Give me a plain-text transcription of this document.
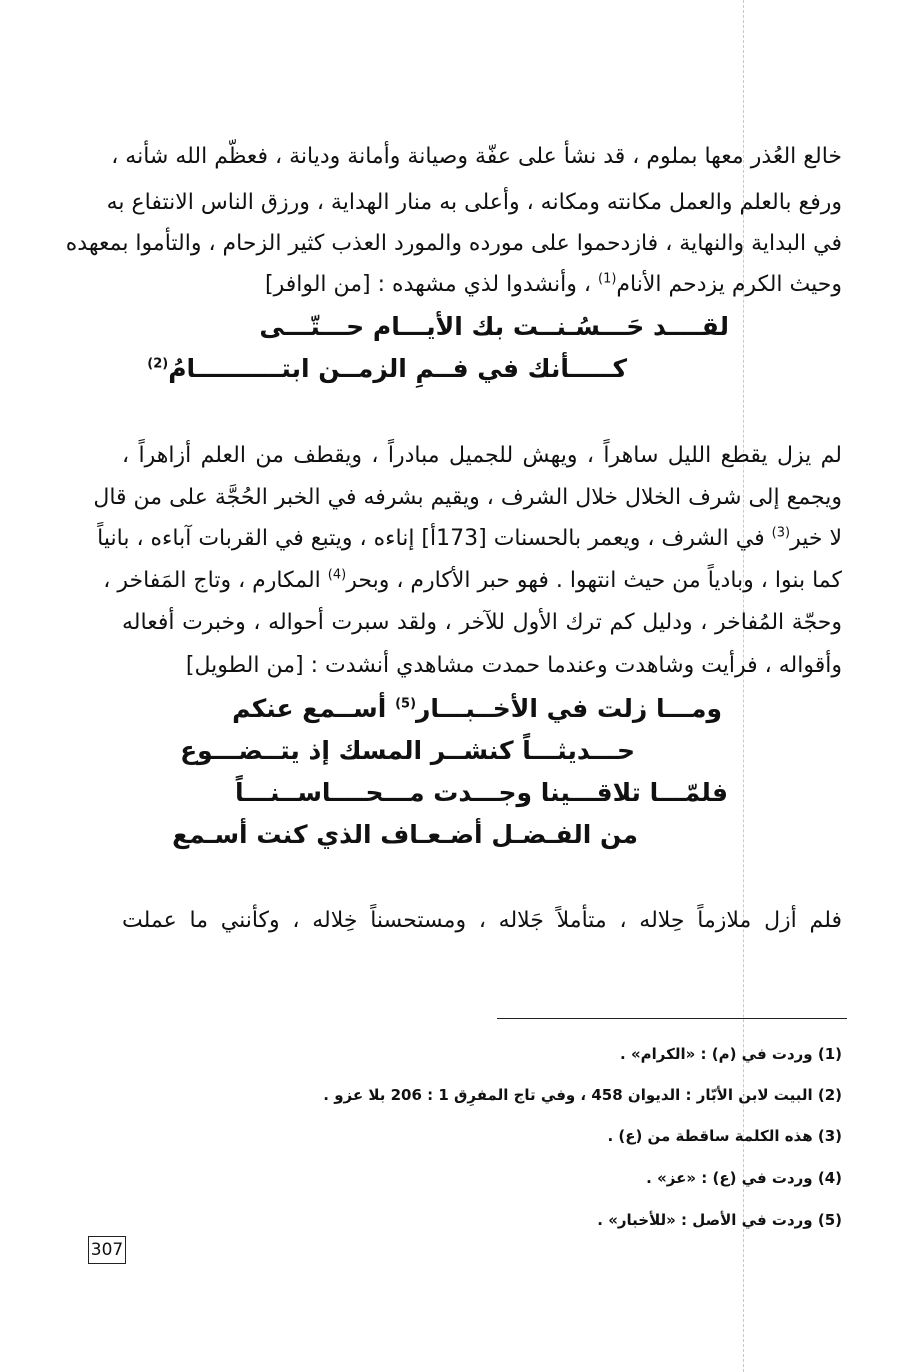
خالع العُذر معها بملوم ، قد نشأ على عفّة وصيانة وأمانة وديانة ، فعظّم الله شأنه ،
ورفع بالعلم والعمل مكانته ومكانه ، وأعلى به منار الهداية ، ورزق الناس الانتفاع به
في البداية والنهاية ، فازدحموا على مورده والمورد العذب كثير الزحام ، والتأموا بمعهده
وحيث الكرم يزدحم الأنام$^{(1)}$ ، وأنشدوا لذي مشهده : [من الوافر]
لقــــد حَـــسُـنــت بك الأيـــام حـــتّـــى
كـــــأنك في فــمِ الزمــن ابتــــــــــامُ$^{(2)}$
لم يزل يقطع الليل ساهراً ، ويهش للجميل مبادراً ، ويقطف من العلم أزاهراً ،
ويجمع إلى شرف الخلال خلال الشرف ، ويقيم بشرفه في الخبر الحُجَّة على من قال
لا خير$^{(3)}$ في الشرف ، ويعمر بالحسنات [173أ] إناءه ، ويتبع في القربات آباءه ، بانياً
كما بنوا ، وبادياً من حيث انتهوا . فهو حبر الأكارم ، وبحر$^{(4)}$ المكارم ، وتاج المَفاخر ،
وحجّة المُفاخر ، ودليل كم ترك الأول للآخر ، ولقد سبرت أحواله ، وخبرت أفعاله
وأقواله ، فرأيت وشاهدت وعندما حمدت مشاهدي أنشدت : [من الطويل]
ومـــا زلت في الأخــبـــار$^{(5)}$ أســمع عنكم
حـــديثـــاً كنشــر المسك إذ يتــضـــوع
فلمّـــا تلاقـــينا وجـــدت مـــحــــاســنـــاً
من الفـضـل أضـعـاف الذي كنت أسـمع
فلم أزل ملازماً حِلاله ، متأملاً جَلاله ، ومستحسناً خِلاله ، وكأنني ما عملت
(1) وردت في (م) : «الكرام» .
(2) البيت لابن الأبّار : الديوان 458 ، وفي تاج المفرِق 1 : 206 بلا عزو .
(3) هذه الكلمة ساقطة من (ع) .
(4) وردت في (ع) : «عز» .
(5) وردت في الأصل : «للأخبار» .
307
